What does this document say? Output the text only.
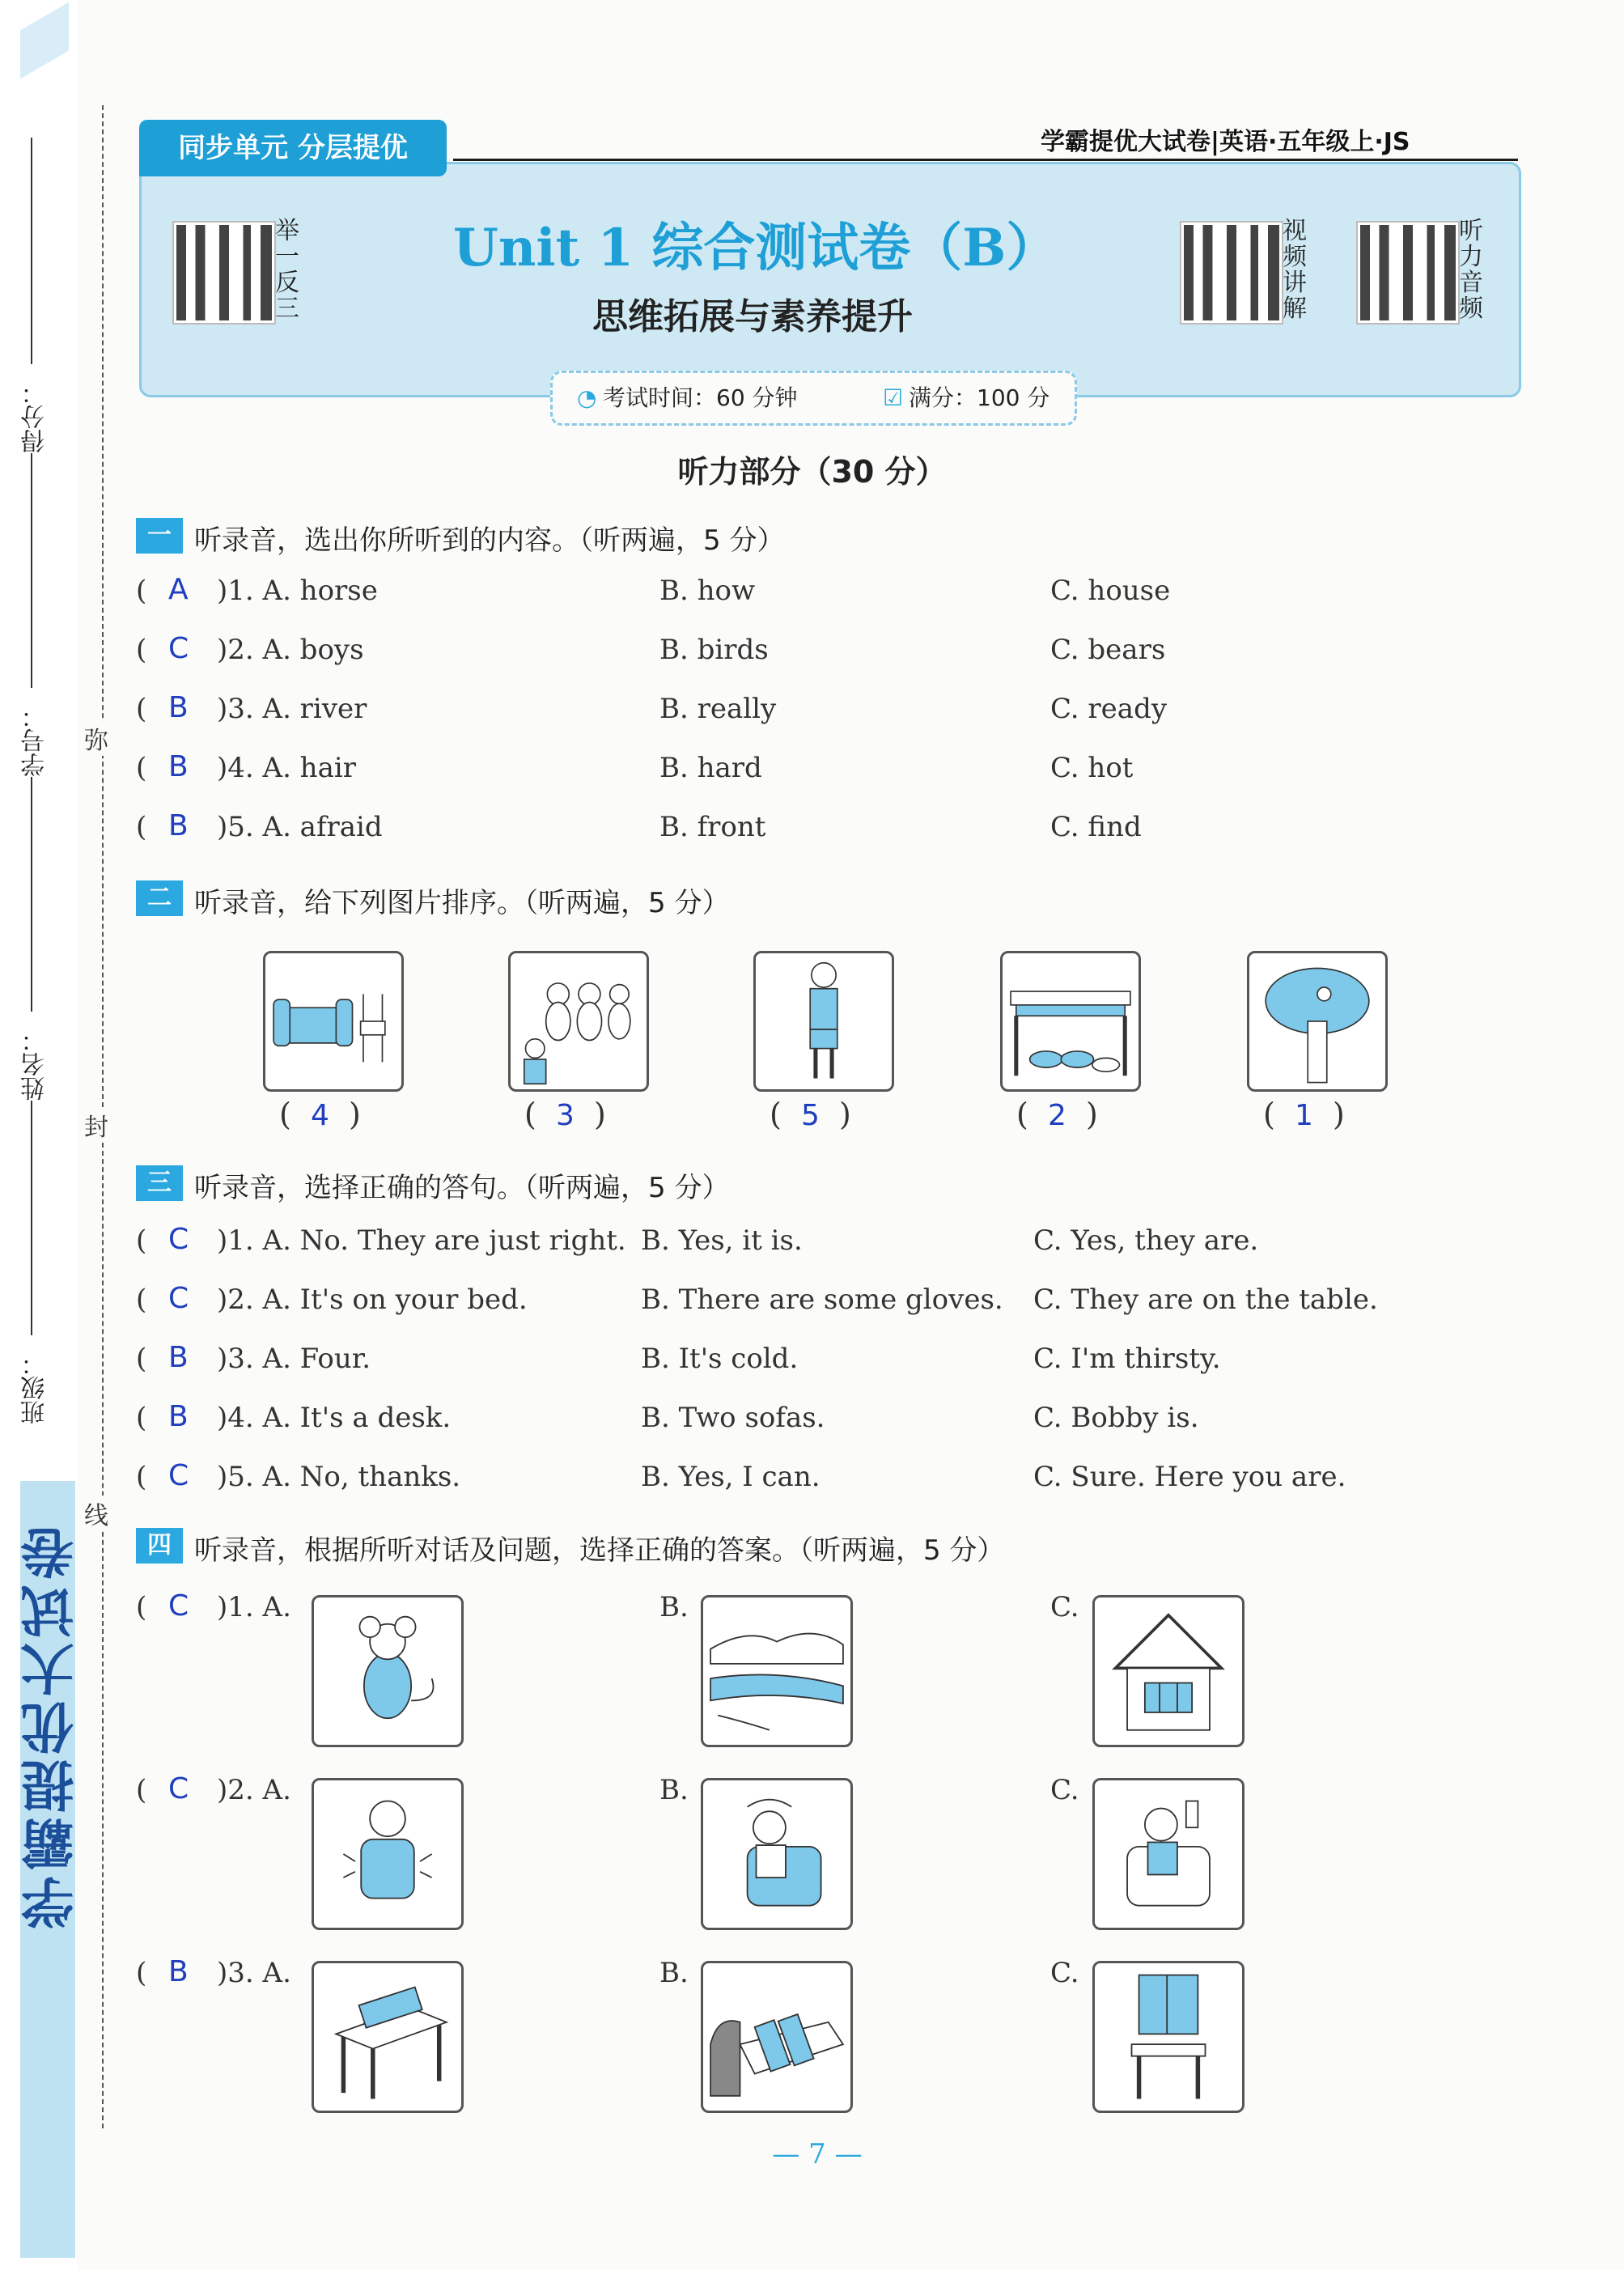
学霸提优大试卷
得分：
学号：
姓名：
班级：
弥
封
线
同步单元 分层提优	学霸提优大试卷|英语·五年级上·JS
举一反三
视频讲解
听力音频
Unit 1 综合测试卷（B）
思维拓展与素养提升
◔ 考试时间：60 分钟	☑ 满分：100 分
听力部分（30 分）
一 听录音，选出你所听到的内容。（听两遍，5 分）
二 听录音，给下列图片排序。（听两遍，5 分）
三 听录音，选择正确的答句。（听两遍，5 分）
四 听录音，根据所听对话及问题，选择正确的答案。（听两遍，5 分）
— 7 —
( A )1. A. horse	B. how	C. house
( C )2. A. boys	B. birds	C. bears
( B )3. A. river	B. really	C. ready
( B )4. A. hair	B. hard	C. hot
( B )5. A. afraid	B. front	C. find
( C )1. A. No. They are just right. B. Yes, it is.	C. Yes, they are.
( C )2. A. It's on your bed.	B. There are some gloves. C. They are on the table.
( B )3. A. Four.	B. It's cold.	C. I'm thirsty.
( B )4. A. It's a desk.	B. Two sofas.	C. Bobby is.
( C )5. A. No, thanks.	B. Yes, I can.	C. Sure. Here you are.
( C )1. A.	B.	C.
( C )2. A.	B.	C.
( B )3. A.	B.	C.
(  4  )	(  3  )	(  5  )	(  2  )	(  1  )
